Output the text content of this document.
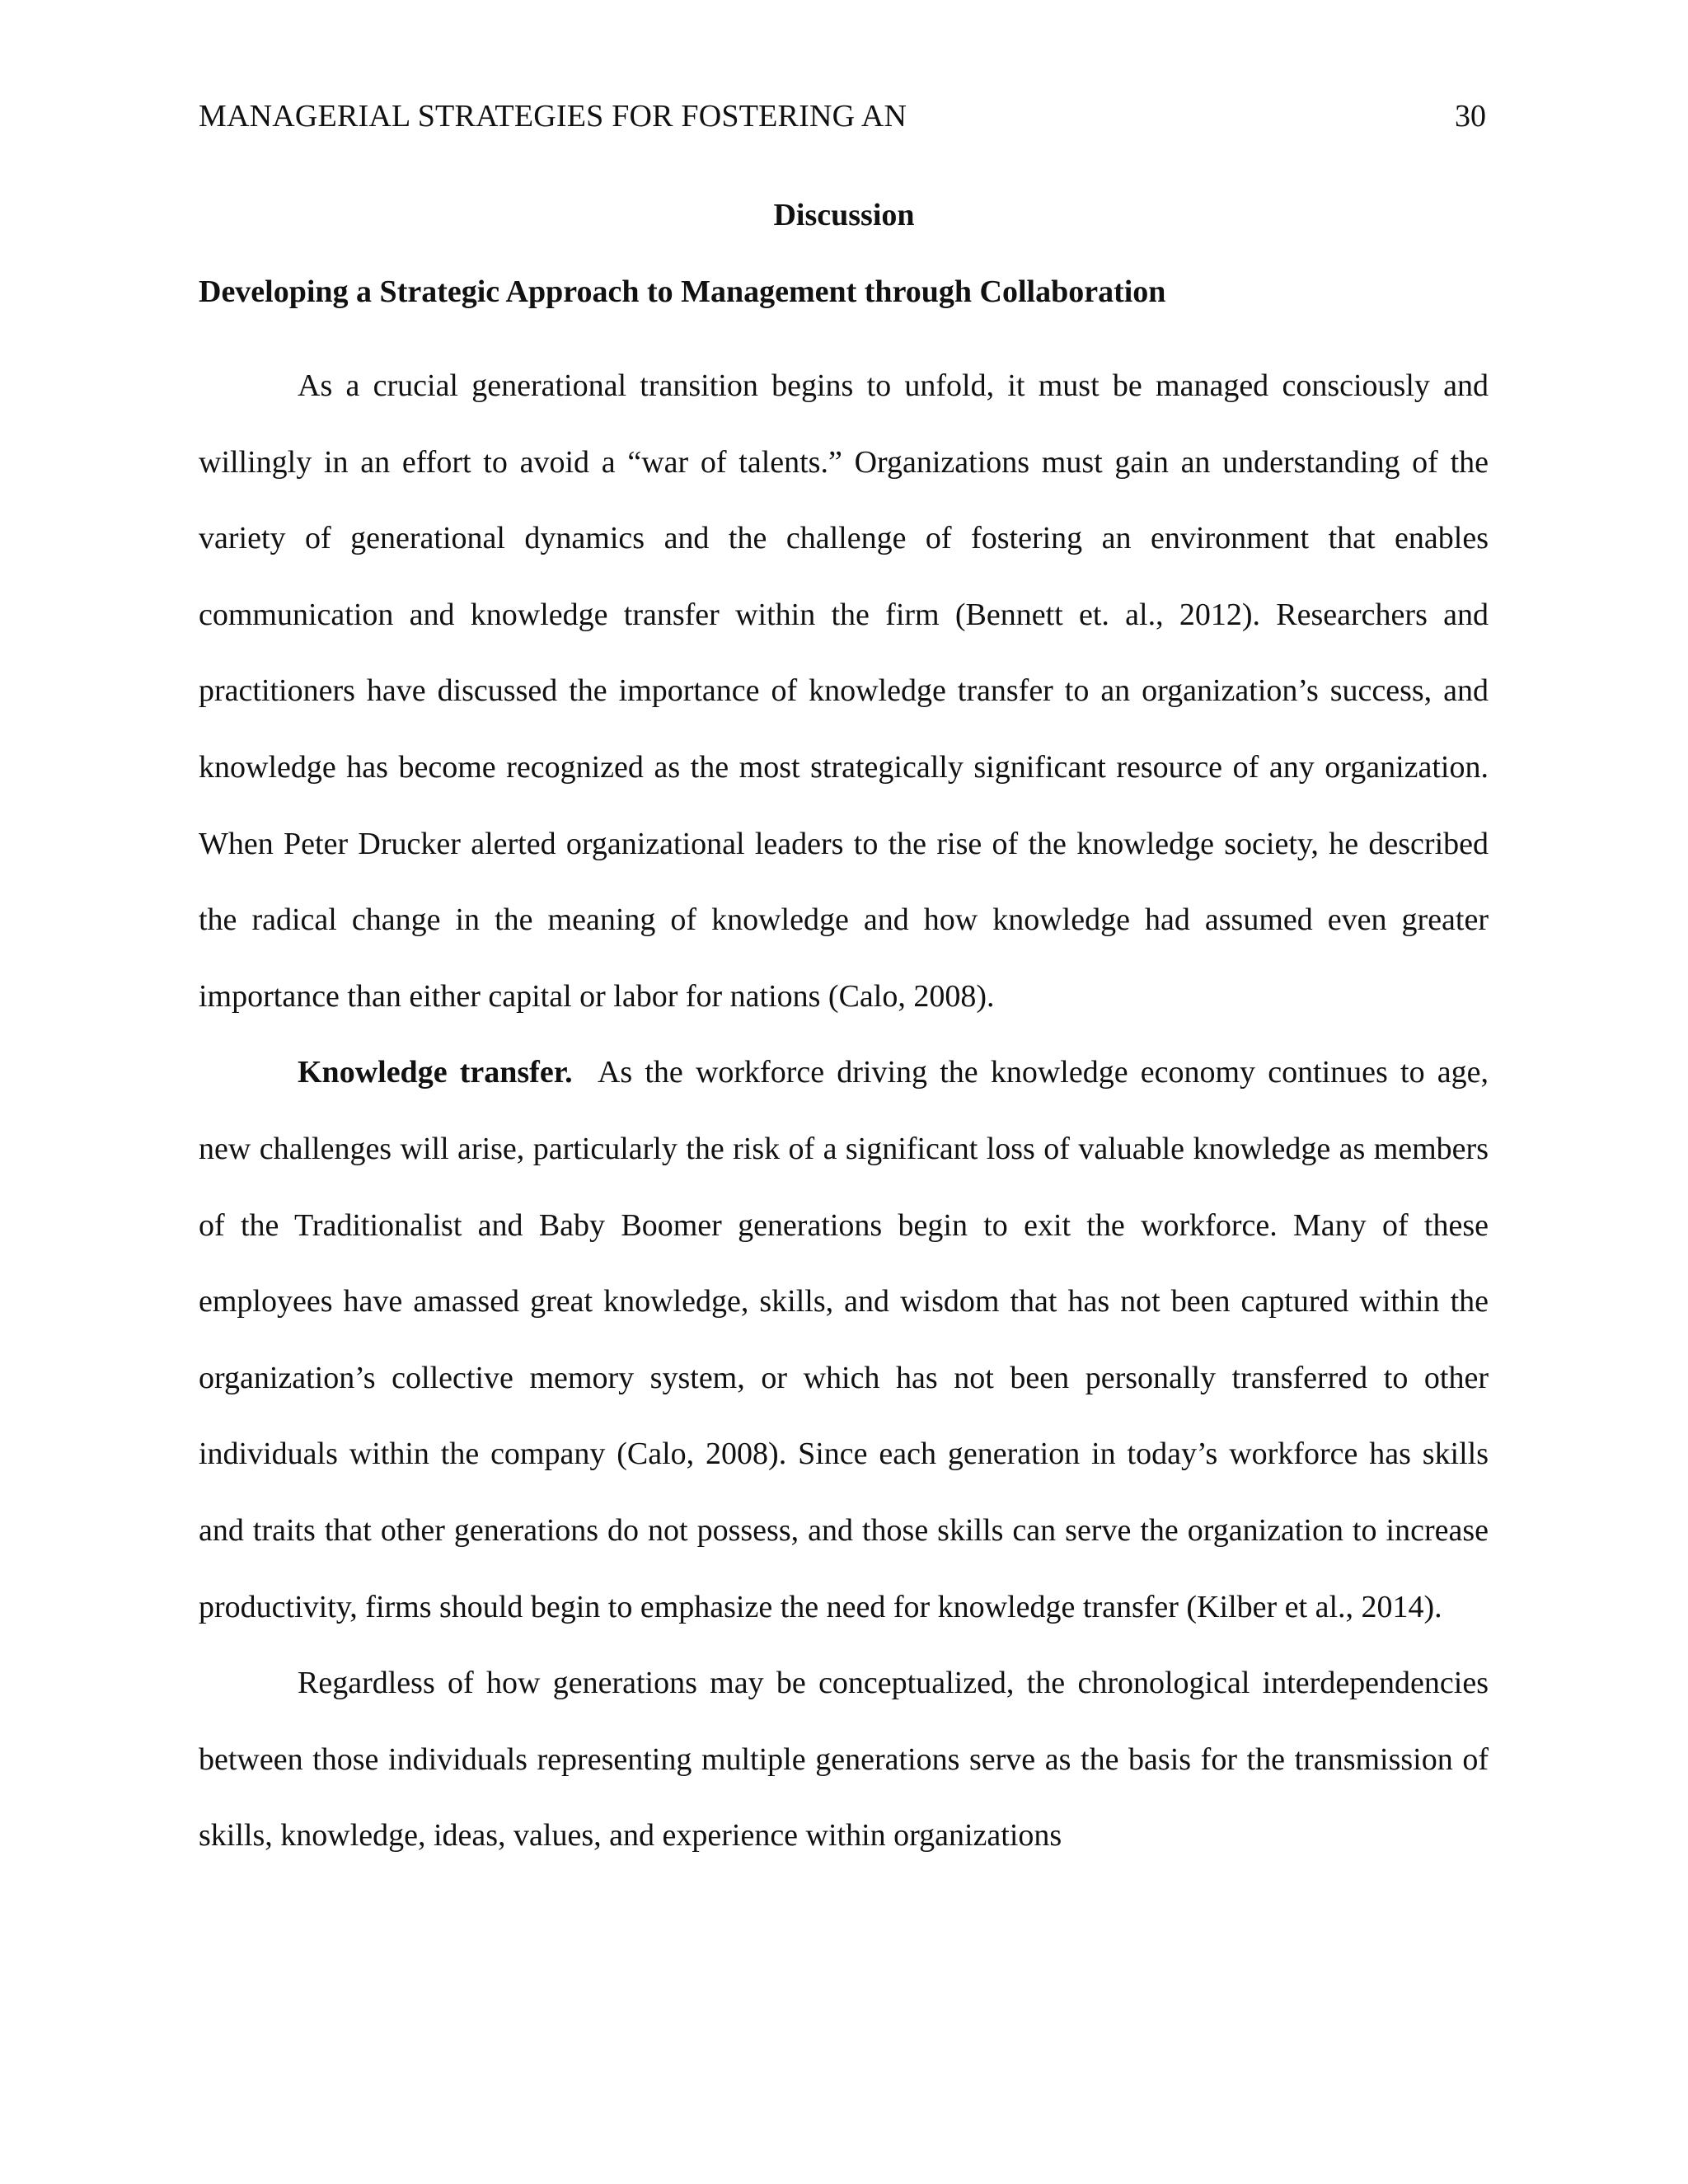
MANAGERIAL STRATEGIES FOR FOSTERING AN	30
Discussion
Developing a Strategic Approach to Management through Collaboration

As a crucial generational transition begins to unfold, it must be managed consciously and willingly in an effort to avoid a “war of talents.” Organizations must gain an understanding of the variety of generational dynamics and the challenge of fostering an environment that enables communication and knowledge transfer within the firm (Bennett et. al., 2012). Researchers and practitioners have discussed the importance of knowledge transfer to an organization’s success, and knowledge has become recognized as the most strategically significant resource of any organization. When Peter Drucker alerted organizational leaders to the rise of the knowledge society, he described the radical change in the meaning of knowledge and how knowledge had assumed even greater importance than either capital or labor for nations (Calo, 2008).

Knowledge transfer. As the workforce driving the knowledge economy continues to age, new challenges will arise, particularly the risk of a significant loss of valuable knowledge as members of the Traditionalist and Baby Boomer generations begin to exit the workforce. Many of these employees have amassed great knowledge, skills, and wisdom that has not been captured within the organization’s collective memory system, or which has not been personally transferred to other individuals within the company (Calo, 2008). Since each generation in today’s workforce has skills and traits that other generations do not possess, and those skills can serve the organization to increase productivity, firms should begin to emphasize the need for knowledge transfer (Kilber et al., 2014).

Regardless of how generations may be conceptualized, the chronological interdependencies between those individuals representing multiple generations serve as the basis for the transmission of skills, knowledge, ideas, values, and experience within organizations
